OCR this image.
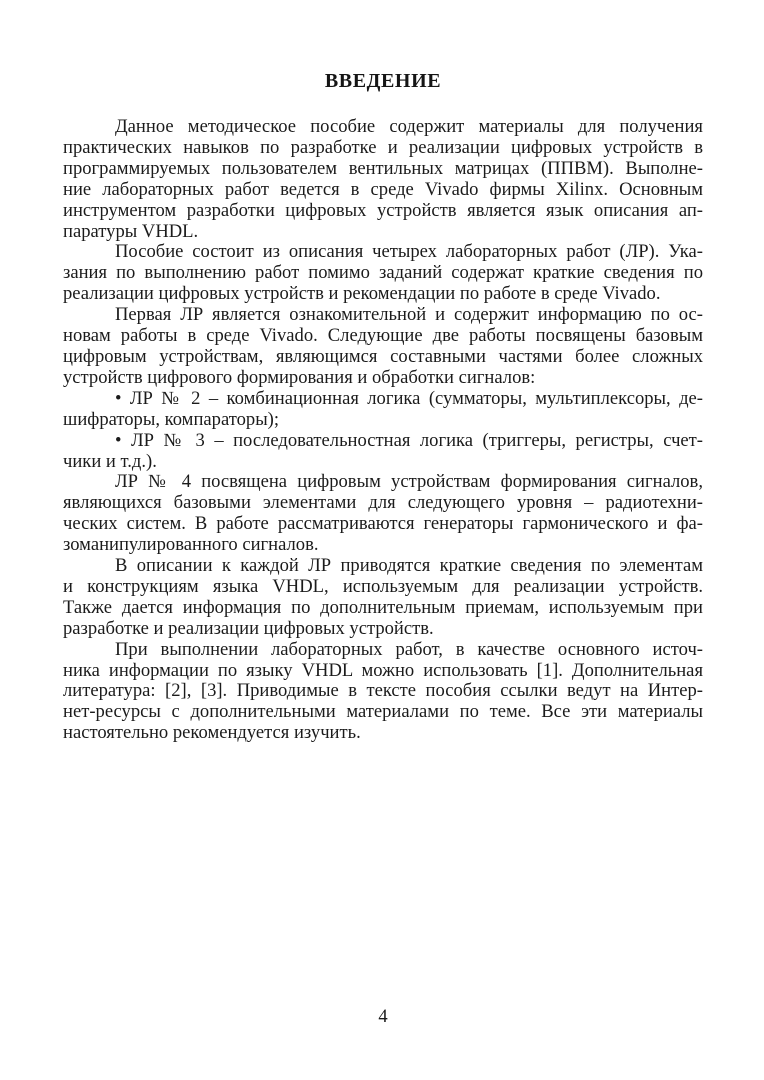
ВВЕДЕНИЕ

Данное методическое пособие содержит материалы для получения
практических навыков по разработке и реализации цифровых устройств в
программируемых пользователем вентильных матрицах (ППВМ). Выполне-
ние лабораторных работ ведется в среде Vivado фирмы Xilinx. Основным
инструментом разработки цифровых устройств является язык описания ап-
паратуры VHDL.

Пособие состоит из описания четырех лабораторных работ (ЛР). Ука-
зания по выполнению работ помимо заданий содержат краткие сведения по
реализации цифровых устройств и рекомендации по работе в среде Vivado.

Первая ЛР является ознакомительной и содержит информацию по ос-
новам работы в среде Vivado. Следующие две работы посвящены базовым
цифровым устройствам, являющимся составными частями более сложных
устройств цифрового формирования и обработки сигналов:

• ЛР № 2 – комбинационная логика (сумматоры, мультиплексоры, де-
шифраторы, компараторы);

• ЛР № 3 – последовательностная логика (триггеры, регистры, счет-
чики и т.д.).

ЛР № 4 посвящена цифровым устройствам формирования сигналов,
являющихся базовыми элементами для следующего уровня – радиотехни-
ческих систем. В работе рассматриваются генераторы гармонического и фа-
зоманипулированного сигналов.

В описании к каждой ЛР приводятся краткие сведения по элементам
и конструкциям языка VHDL, используемым для реализации устройств.
Также дается информация по дополнительным приемам, используемым при
разработке и реализации цифровых устройств.

При выполнении лабораторных работ, в качестве основного источ-
ника информации по языку VHDL можно использовать [1]. Дополнительная
литература: [2], [3]. Приводимые в тексте пособия ссылки ведут на Интер-
нет-ресурсы с дополнительными материалами по теме. Все эти материалы
настоятельно рекомендуется изучить.

4
